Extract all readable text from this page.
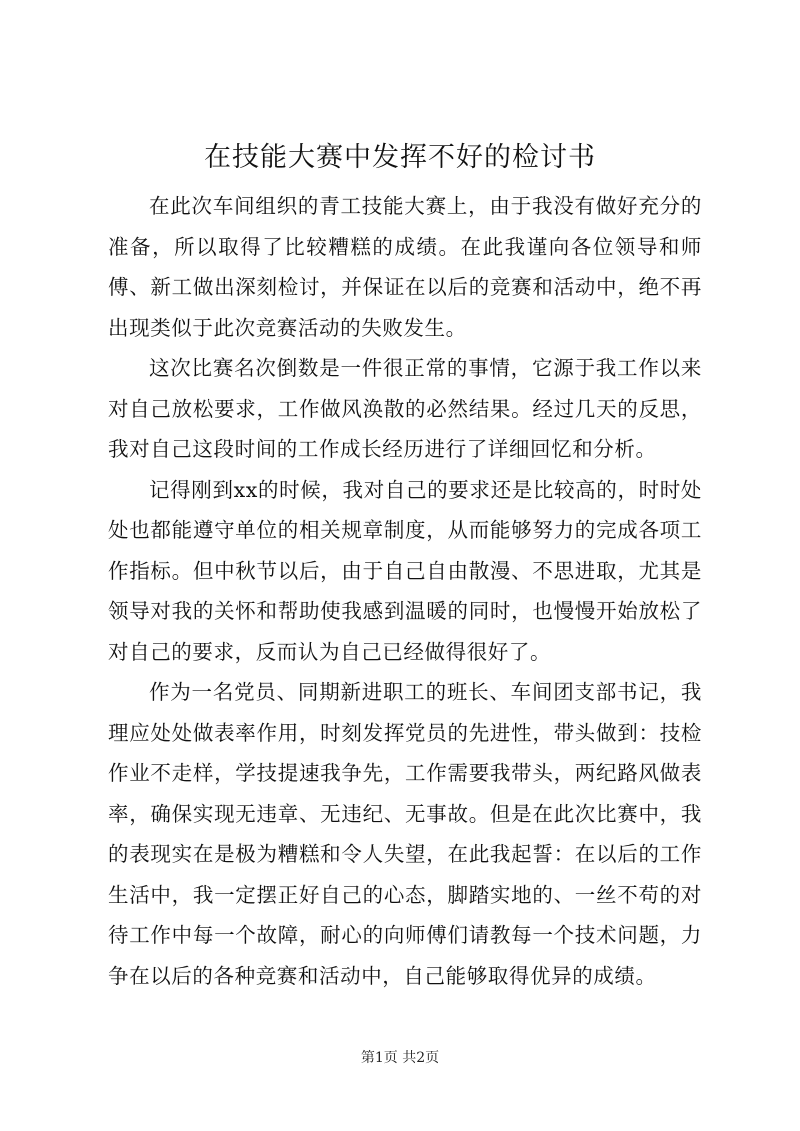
在技能大赛中发挥不好的检讨书

在此次车间组织的青工技能大赛上，由于我没有做好充分的准备，所以取得了比较糟糕的成绩。在此我谨向各位领导和师傅、新工做出深刻检讨，并保证在以后的竞赛和活动中，绝不再出现类似于此次竞赛活动的失败发生。

这次比赛名次倒数是一件很正常的事情，它源于我工作以来对自己放松要求，工作做风涣散的必然结果。经过几天的反思，我对自己这段时间的工作成长经历进行了详细回忆和分析。

记得刚到xx的时候，我对自己的要求还是比较高的，时时处处也都能遵守单位的相关规章制度，从而能够努力的完成各项工作指标。但中秋节以后，由于自己自由散漫、不思进取，尤其是领导对我的关怀和帮助使我感到温暖的同时，也慢慢开始放松了对自己的要求，反而认为自己已经做得很好了。

作为一名党员、同期新进职工的班长、车间团支部书记，我理应处处做表率作用，时刻发挥党员的先进性，带头做到：技检作业不走样，学技提速我争先，工作需要我带头，两纪路风做表率，确保实现无违章、无违纪、无事故。但是在此次比赛中，我的表现实在是极为糟糕和令人失望，在此我起誓：在以后的工作生活中，我一定摆正好自己的心态，脚踏实地的、一丝不苟的对待工作中每一个故障，耐心的向师傅们请教每一个技术问题，力争在以后的各种竞赛和活动中，自己能够取得优异的成绩。

第1页 共2页
